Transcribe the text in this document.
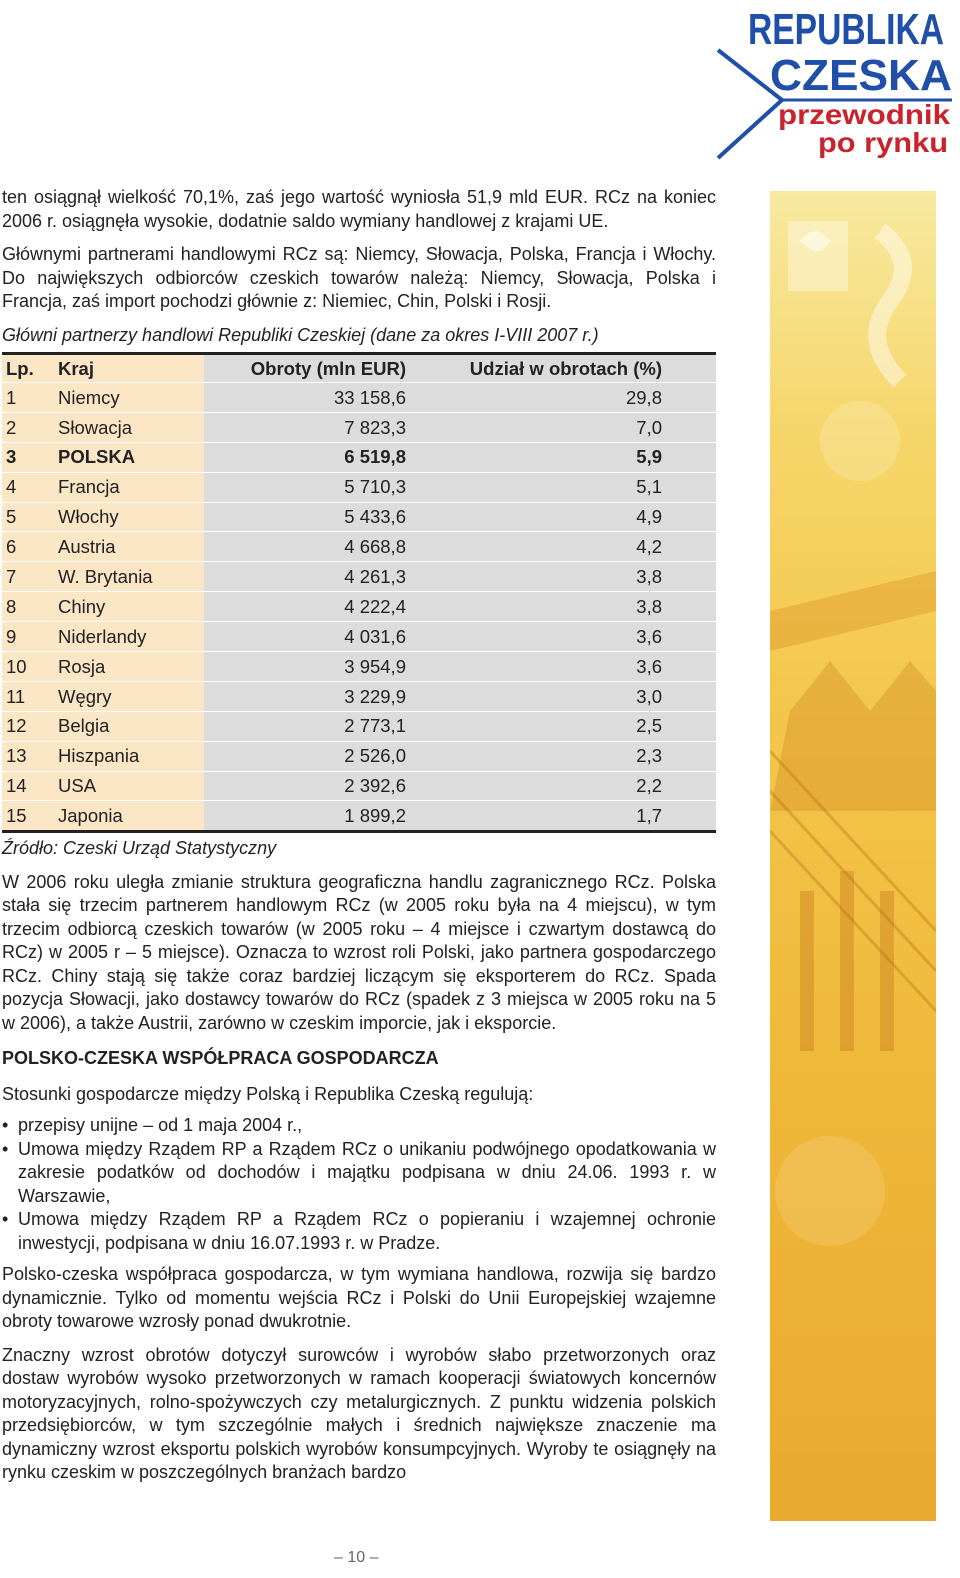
REPUBLIKA
CZESKA
przewodnik
po rynku

ten osiągnął wielkość 70,1%, zaś jego wartość wyniosła 51,9 mld EUR. RCz na koniec 2006 r. osiągnęła wysokie, dodatnie saldo wymiany handlowej z krajami UE.

Głównymi partnerami handlowymi RCz są: Niemcy, Słowacja, Polska, Francja i Włochy. Do największych odbiorców czeskich towarów należą: Niemcy, Słowacja, Polska i Francja, zaś import pochodzi głównie z: Niemiec, Chin, Polski i Rosji.

Główni partnerzy handlowi Republiki Czeskiej (dane za okres I-VIII 2007 r.)

Lp.	Kraj	Obroty (mln EUR)	Udział w obrotach (%)
1	Niemcy	33 158,6	29,8
2	Słowacja	7 823,3	7,0
3	POLSKA	6 519,8	5,9
4	Francja	5 710,3	5,1
5	Włochy	5 433,6	4,9
6	Austria	4 668,8	4,2
7	W. Brytania	4 261,3	3,8
8	Chiny	4 222,4	3,8
9	Niderlandy	4 031,6	3,6
10	Rosja	3 954,9	3,6
11	Węgry	3 229,9	3,0
12	Belgia	2 773,1	2,5
13	Hiszpania	2 526,0	2,3
14	USA	2 392,6	2,2
15	Japonia	1 899,2	1,7

Źródło: Czeski Urząd Statystyczny

W 2006 roku uległa zmianie struktura geograficzna handlu zagranicznego RCz. Polska stała się trzecim partnerem handlowym RCz (w 2005 roku była na 4 miejscu), w tym trzecim odbiorcą czeskich towarów (w 2005 roku – 4 miejsce i czwartym dostawcą do RCz) w 2005 r – 5 miejsce). Oznacza to wzrost roli Polski, jako partnera gospodarczego RCz. Chiny stają się także coraz bardziej liczącym się eksporterem do RCz. Spada pozycja Słowacji, jako dostawcy towarów do RCz (spadek z 3 miejsca w 2005 roku na 5 w 2006), a także Austrii, zarówno w czeskim imporcie, jak i eksporcie.

POLSKO-CZESKA WSPÓŁPRACA GOSPODARCZA

Stosunki gospodarcze między Polską i Republika Czeską regulują:

• przepisy unijne – od 1 maja 2004 r.,
• Umowa między Rządem RP a Rządem RCz o unikaniu podwójnego opodatkowania w zakresie podatków od dochodów i majątku podpisana w dniu 24.06. 1993 r. w Warszawie,
• Umowa między Rządem RP a Rządem RCz o popieraniu i wzajemnej ochronie inwestycji, podpisana w dniu 16.07.1993 r. w Pradze.

Polsko-czeska współpraca gospodarcza, w tym wymiana handlowa, rozwija się bardzo dynamicznie. Tylko od momentu wejścia RCz i Polski do Unii Europejskiej wzajemne obroty towarowe wzrosły ponad dwukrotnie.

Znaczny wzrost obrotów dotyczył surowców i wyrobów słabo przetworzonych oraz dostaw wyrobów wysoko przetworzonych w ramach kooperacji światowych koncernów motoryzacyjnych, rolno-spożywczych czy metalurgicznych. Z punktu widzenia polskich przedsiębiorców, w tym szczególnie małych i średnich największe znaczenie ma dynamiczny wzrost eksportu polskich wyrobów konsumpcyjnych. Wyroby te osiągnęły na rynku czeskim w poszczególnych branżach bardzo

– 10 –
